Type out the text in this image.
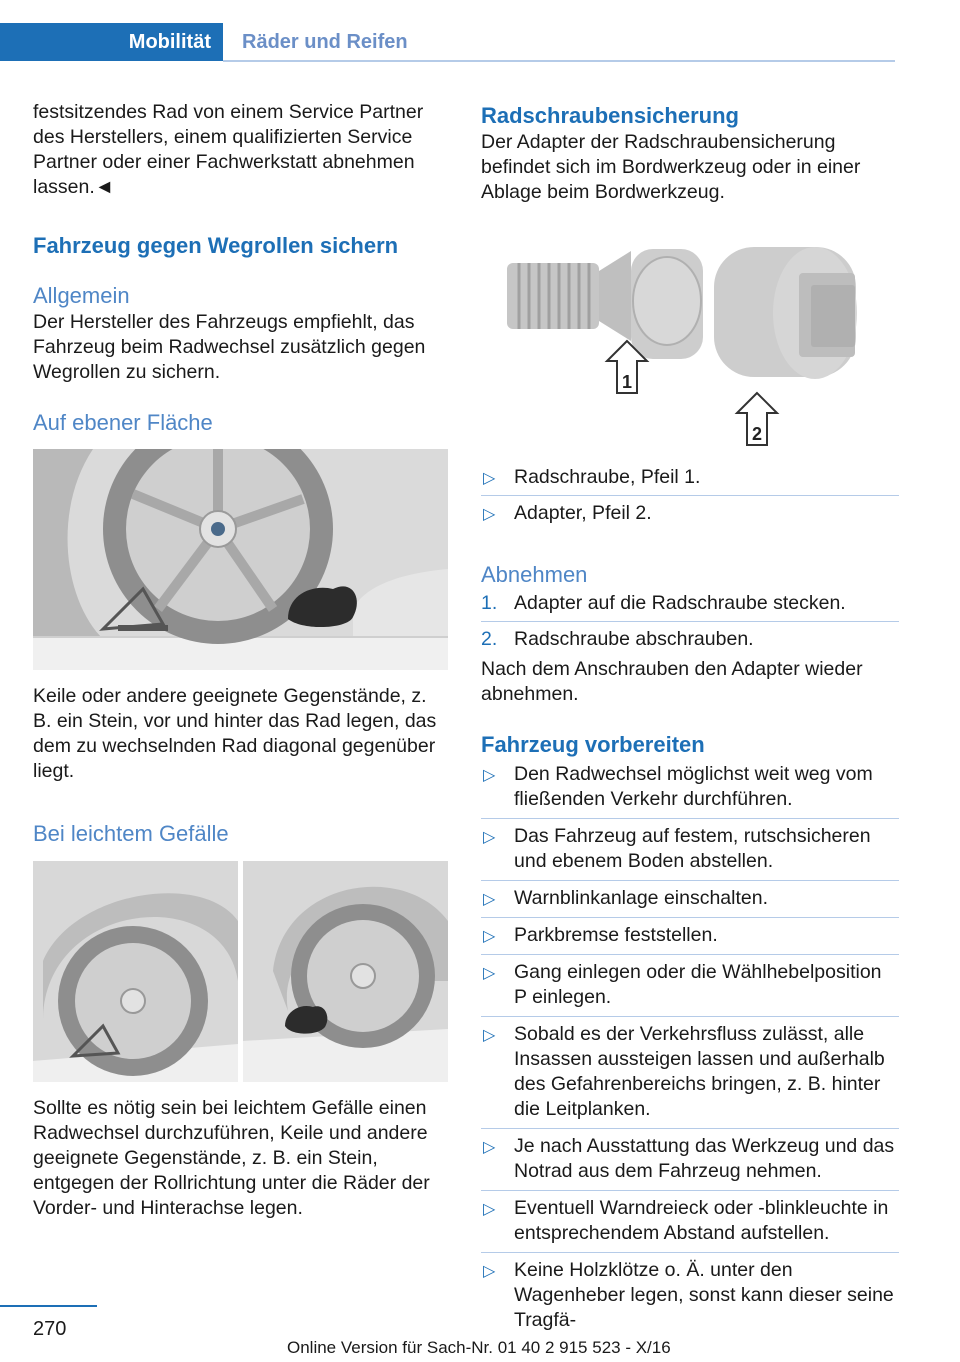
Mobilität Räder und Reifen

festsitzendes Rad von einem Service Partner des Herstellers, einem qualifizierten Service Partner oder einer Fachwerkstatt abnehmen lassen.◄

Fahrzeug gegen Wegrollen sichern
Allgemein

Der Hersteller des Fahrzeugs empfiehlt, das Fahrzeug beim Radwechsel zusätzlich gegen Wegrollen zu sichern.

Auf ebener Fläche

Keile oder andere geeignete Gegenstände, z. B. ein Stein, vor und hinter das Rad legen, das dem zu wechselnden Rad diagonal gegenüber liegt.

Bei leichtem Gefälle

Sollte es nötig sein bei leichtem Gefälle einen Radwechsel durchzuführen, Keile und andere geeignete Gegenstände, z. B. ein Stein, entgegen der Rollrichtung unter die Räder der Vorder- und Hinterachse legen.

Radschraubensicherung

Der Adapter der Radschraubensicherung befindet sich im Bordwerkzeug oder in einer Ablage beim Bordwerkzeug.

1
2
▷ Radschraube, Pfeil 1.
▷ Adapter, Pfeil 2.
Abnehmen
1. Adapter auf die Radschraube stecken.
2. Radschraube abschrauben.

Nach dem Anschrauben den Adapter wieder abnehmen.

Fahrzeug vorbereiten
▷ Den Radwechsel möglichst weit weg vom fließenden Verkehr durchführen.
▷ Das Fahrzeug auf festem, rutschsicheren und ebenem Boden abstellen.
▷ Warnblinkanlage einschalten.
▷ Parkbremse feststellen.
▷ Gang einlegen oder die Wählhebelposition P einlegen.
▷ Sobald es der Verkehrsfluss zulässt, alle Insassen aussteigen lassen und außerhalb des Gefahrenbereichs bringen, z. B. hinter die Leitplanken.
▷ Je nach Ausstattung das Werkzeug und das Notrad aus dem Fahrzeug nehmen.
▷ Eventuell Warndreieck oder -blinkleuchte in entsprechendem Abstand aufstellen.
▷ Keine Holzklötze o. Ä. unter den Wagenheber legen, sonst kann dieser seine Tragfä-
270
Online Version für Sach-Nr. 01 40 2 915 523 - X/16
